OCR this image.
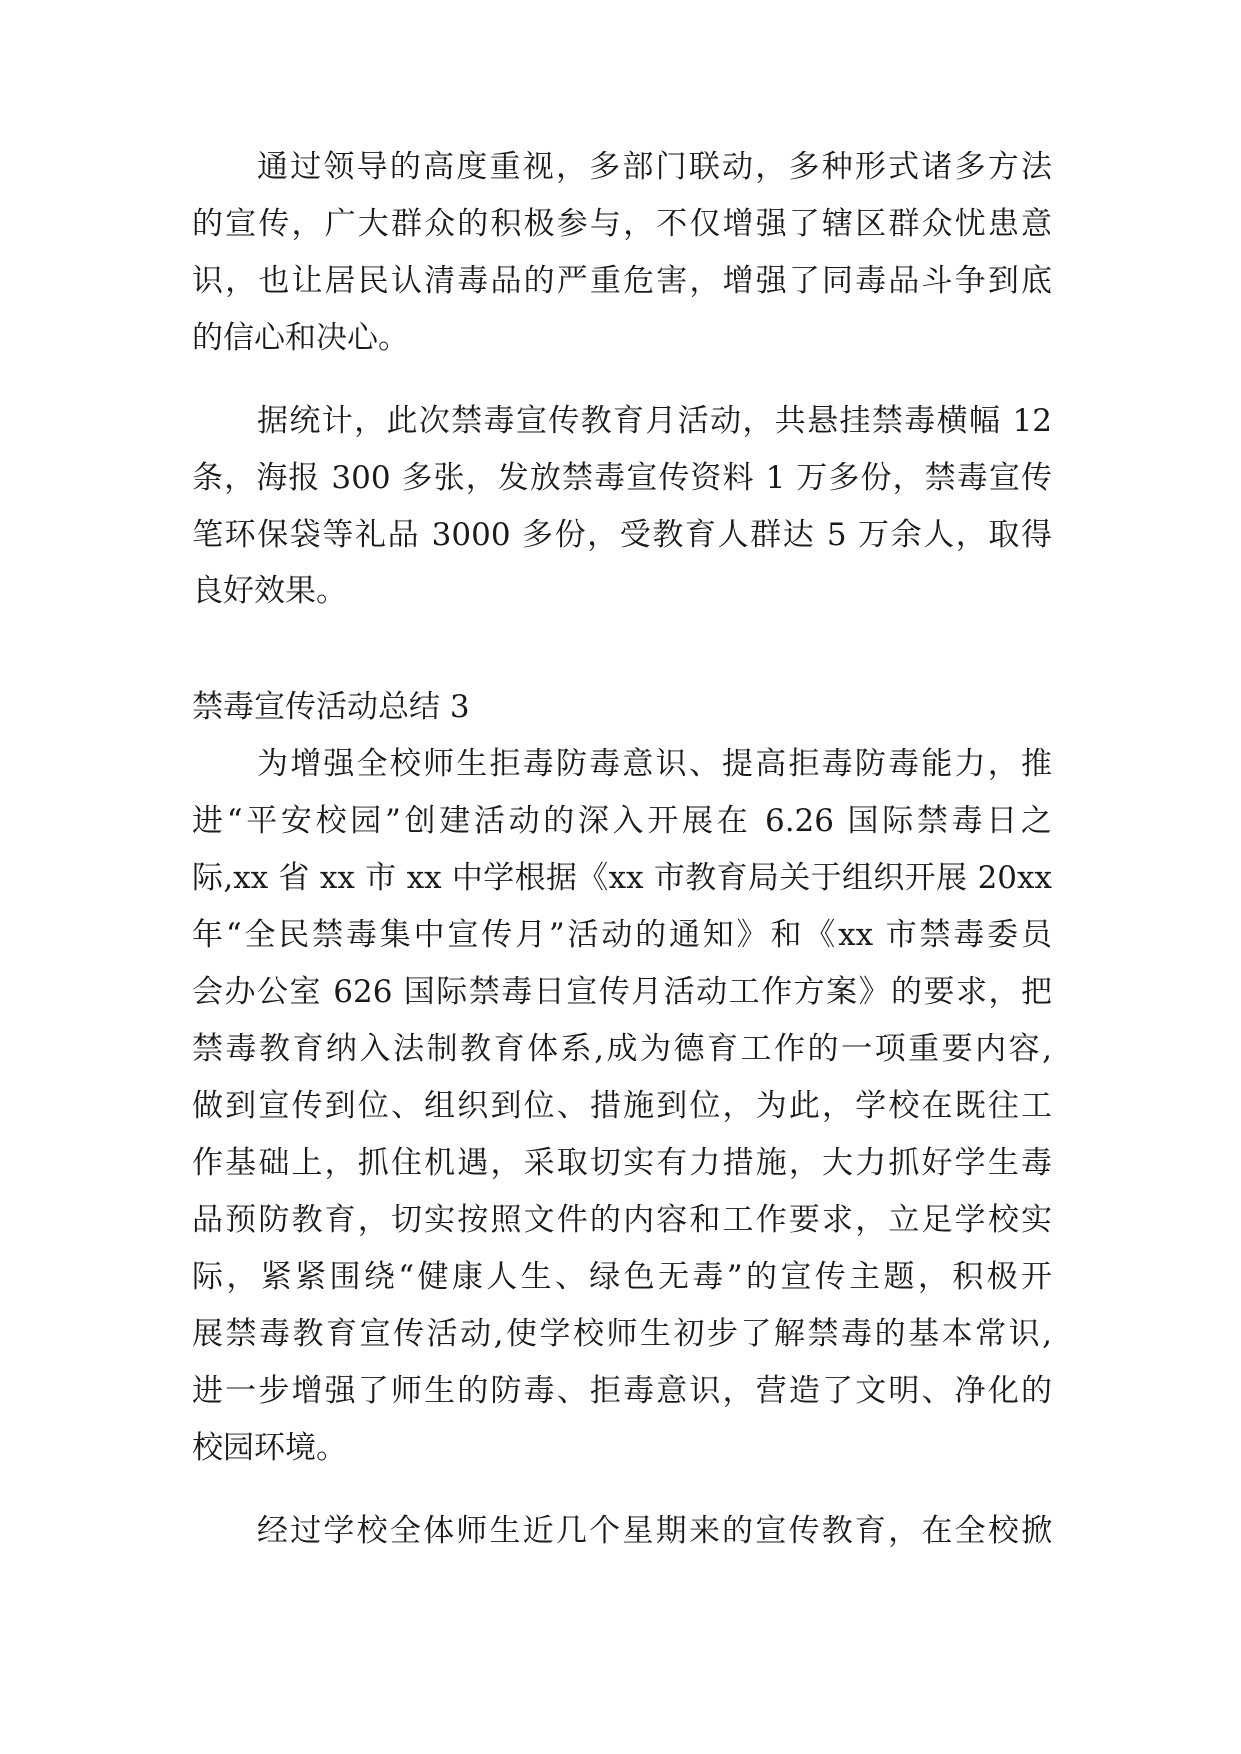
通过领导的高度重视，多部门联动，多种形式诸多方法
的宣传，广大群众的积极参与，不仅增强了辖区群众忧患意
识，也让居民认清毒品的严重危害，增强了同毒品斗争到底
的信心和决心。
据统计，此次禁毒宣传教育月活动，共悬挂禁毒横幅 12
条，海报 300 多张，发放禁毒宣传资料 1 万多份，禁毒宣传
笔环保袋等礼品 3000 多份，受教育人群达 5 万余人，取得
良好效果。
禁毒宣传活动总结 3
为增强全校师生拒毒防毒意识、提高拒毒防毒能力，推
进“平安校园”创建活动的深入开展在 6.26 国际禁毒日之
际,xx 省 xx 市 xx 中学根据《xx 市教育局关于组织开展 20xx
年“全民禁毒集中宣传月”活动的通知》和《xx 市禁毒委员
会办公室 626 国际禁毒日宣传月活动工作方案》的要求，把
禁毒教育纳入法制教育体系,成为德育工作的一项重要内容,
做到宣传到位、组织到位、措施到位，为此，学校在既往工
作基础上，抓住机遇，采取切实有力措施，大力抓好学生毒
品预防教育，切实按照文件的内容和工作要求，立足学校实
际，紧紧围绕“健康人生、绿色无毒”的宣传主题，积极开
展禁毒教育宣传活动,使学校师生初步了解禁毒的基本常识,
进一步增强了师生的防毒、拒毒意识，营造了文明、净化的
校园环境。
经过学校全体师生近几个星期来的宣传教育，在全校掀
